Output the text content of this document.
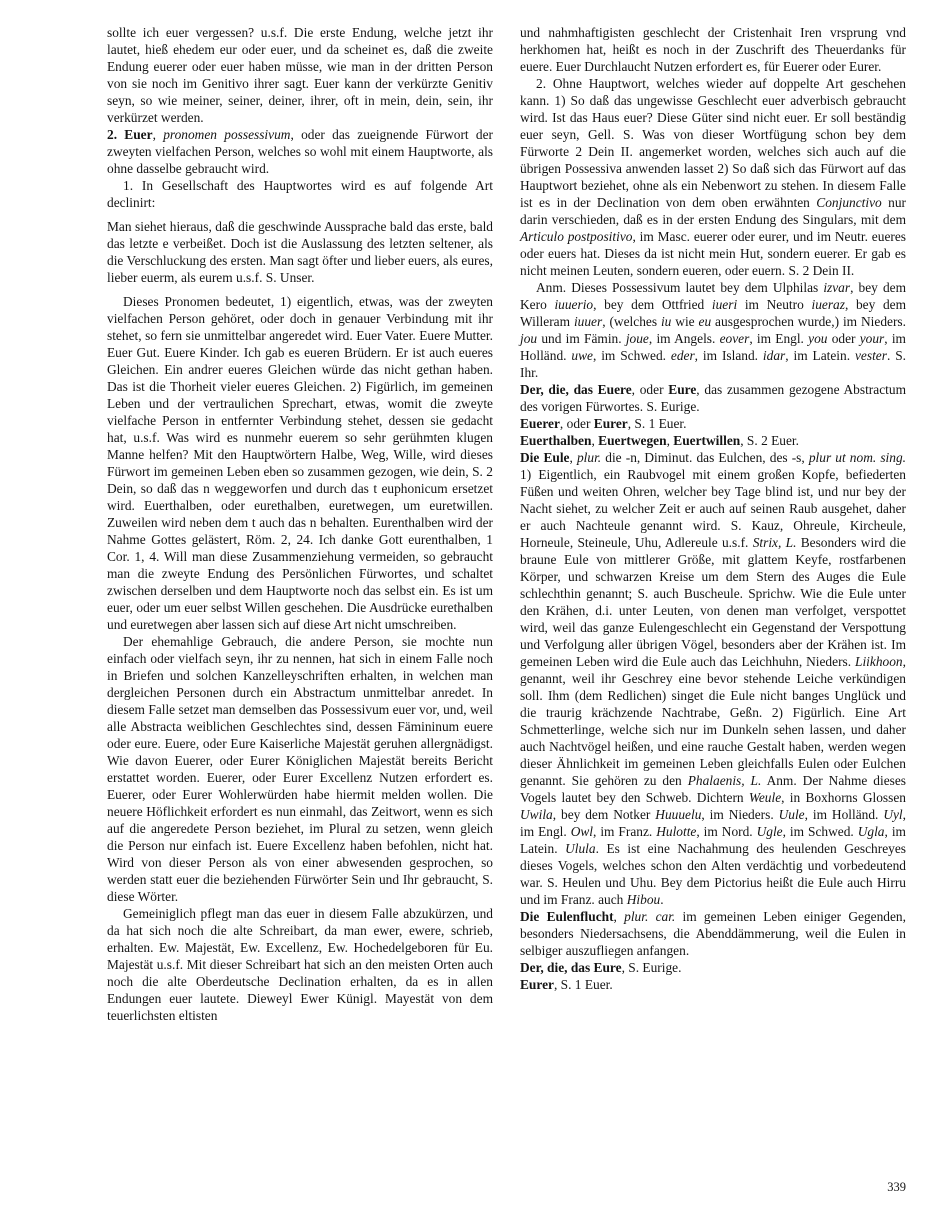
sollte ich euer vergessen? u.s.f. Die erste Endung, welche jetzt ihr lautet, hieß ehedem eur oder euer, und da scheinet es, daß die zweite Endung euerer oder euer haben müsse, wie man in der dritten Person von sie noch im Genitivo ihrer sagt. Euer kann der verkürzte Genitiv seyn, so wie meiner, seiner, deiner, ihrer, oft in mein, dein, sein, ihr verkürzet werden.

2. Euer, pronomen possessivum, oder das zueignende Fürwort der zweyten vielfachen Person, welches so wohl mit einem Hauptworte, als ohne dasselbe gebraucht wird.

1. In Gesellschaft des Hauptwortes wird es auf folgende Art declinirt:

Man siehet hieraus, daß die geschwinde Aussprache bald das erste, bald das letzte e verbeißet. Doch ist die Auslassung des letzten seltener, als die Verschluckung des ersten. Man sagt öfter und lieber euers, als eures, lieber euerm, als eurem u.s.f. S. Unser.

Dieses Pronomen bedeutet, 1) eigentlich, etwas, was der zweyten vielfachen Person gehöret, oder doch in genauer Verbindung mit ihr stehet, so fern sie unmittelbar angeredet wird. Euer Vater. Euere Mutter. Euer Gut. Euere Kinder. Ich gab es eueren Brüdern. Er ist auch eueres Gleichen. Ein andrer eueres Gleichen würde das nicht gethan haben. Das ist die Thorheit vieler eueres Gleichen. 2) Figürlich, im gemeinen Leben und der vertraulichen Sprechart, etwas, womit die zweyte vielfache Person in entfernter Verbindung stehet, dessen sie gedacht hat, u.s.f. Was wird es nunmehr euerem so sehr gerühmten klugen Manne helfen? Mit den Hauptwörtern Halbe, Weg, Wille, wird dieses Fürwort im gemeinen Leben eben so zusammen gezogen, wie dein, S. 2 Dein, so daß das n weggeworfen und durch das t euphonicum ersetzet wird. Euerthalben, oder eurethalben, euretwegen, um euretwillen. Zuweilen wird neben dem t auch das n behalten. Eurenthalben wird der Nahme Gottes gelästert, Röm. 2, 24. Ich danke Gott eurenthalben, 1 Cor. 1, 4. Will man diese Zusammenziehung vermeiden, so gebraucht man die zweyte Endung des Persönlichen Fürwortes, und schaltet zwischen derselben und dem Hauptworte noch das selbst ein. Es ist um euer, oder um euer selbst Willen geschehen. Die Ausdrücke eurethalben und euretwegen aber lassen sich auf diese Art nicht umschreiben.

Der ehemahlige Gebrauch, die andere Person, sie mochte nun einfach oder vielfach seyn, ihr zu nennen, hat sich in einem Falle noch in Briefen und solchen Kanzelleyschriften erhalten, in welchen man dergleichen Personen durch ein Abstractum unmittelbar anredet. In diesem Falle setzet man demselben das Possessivum euer vor, und, weil alle Abstracta weiblichen Geschlechtes sind, dessen Fämininum euere oder eure. Euere, oder Eure Kaiserliche Majestät geruhen allergnädigst. Wie davon Euerer, oder Eurer Königlichen Majestät bereits Bericht erstattet worden. Euerer, oder Eurer Excellenz Nutzen erfordert es. Euerer, oder Eurer Wohlerwürden habe hiermit melden wollen. Die neuere Höflichkeit erfordert es nun einmahl, das Zeitwort, wenn es sich auf die angeredete Person beziehet, im Plural zu setzen, wenn gleich die Person nur einfach ist. Euere Excellenz haben befohlen, nicht hat. Wird von dieser Person als von einer abwesenden gesprochen, so werden statt euer die beziehenden Fürwörter Sein und Ihr gebraucht, S. diese Wörter.

Gemeiniglich pflegt man das euer in diesem Falle abzukürzen, und da hat sich noch die alte Schreibart, da man ewer, ewere, schrieb, erhalten. Ew. Majestät, Ew. Excellenz, Ew. Hochedelgeboren für Eu. Majestät u.s.f. Mit dieser Schreibart hat sich an den meisten Orten auch noch die alte Oberdeutsche Declination erhalten, da es in allen Endungen euer lautete. Dieweyl Ewer Künigl. Mayestät von dem teuerlichsten eltisten

und nahmhaftigisten geschlecht der Cristenhait Iren vrsprung vnd herkhomen hat, heißt es noch in der Zuschrift des Theuerdanks für euere. Euer Durchlaucht Nutzen erfordert es, für Euerer oder Eurer.

2. Ohne Hauptwort, welches wieder auf doppelte Art geschehen kann. 1) So daß das ungewisse Geschlecht euer adverbisch gebraucht wird. Ist das Haus euer? Diese Güter sind nicht euer. Er soll beständig euer seyn, Gell. S. Was von dieser Wortfügung schon bey dem Fürworte 2 Dein II. angemerket worden, welches sich auch auf die übrigen Possessiva anwenden lasset 2) So daß sich das Fürwort auf das Hauptwort beziehet, ohne als ein Nebenwort zu stehen. In diesem Falle ist es in der Declination von dem oben erwähnten Conjunctivo nur darin verschieden, daß es in der ersten Endung des Singulars, mit dem Articulo postpositivo, im Masc. euerer oder eurer, und im Neutr. eueres oder euers hat. Dieses da ist nicht mein Hut, sondern euerer. Er gab es nicht meinen Leuten, sondern eueren, oder euern. S. 2 Dein II.

Anm. Dieses Possessivum lautet bey dem Ulphilas izvar, bey dem Kero iuuerio, bey dem Ottfried iueri im Neutro iueraz, bey dem Willeram iuuer, (welches iu wie eu ausgesprochen wurde,) im Nieders. jou und im Fämin. joue, im Angels. eover, im Engl. you oder your, im Holländ. uwe, im Schwed. eder, im Island. idar, im Latein. vester. S. Ihr.

Der, die, das Euere, oder Eure, das zusammen gezogene Abstractum des vorigen Fürwortes. S. Eurige.

Euerer, oder Eurer, S. 1 Euer.

Euerthalben, Euertwegen, Euertwillen, S. 2 Euer.

Die Eule, plur. die -n, Diminut. das Eulchen, des -s, plur ut nom. sing. 1) Eigentlich, ein Raubvogel mit einem großen Kopfe, befiederten Füßen und weiten Ohren, welcher bey Tage blind ist, und nur bey der Nacht siehet, zu welcher Zeit er auch auf seinen Raub ausgehet, daher er auch Nachteule genannt wird. S. Kauz, Ohreule, Kircheule, Horneule, Steineule, Uhu, Adlereule u.s.f. Strix, L. Besonders wird die braune Eule von mittlerer Größe, mit glattem Keyfe, rostfarbenen Körper, und schwarzen Kreise um dem Stern des Auges die Eule schlechthin genannt; S. auch Buscheule. Sprichw. Wie die Eule unter den Krähen, d.i. unter Leuten, von denen man verfolget, verspottet wird, weil das ganze Eulengeschlecht ein Gegenstand der Verspottung und Verfolgung aller übrigen Vögel, besonders aber der Krähen ist. Im gemeinen Leben wird die Eule auch das Leichhuhn, Nieders. Liikhoon, genannt, weil ihr Geschrey eine bevor stehende Leiche verkündigen soll. Ihm (dem Redlichen) singet die Eule nicht banges Unglück und die traurig krächzende Nachtrabe, Geßn. 2) Figürlich. Eine Art Schmetterlinge, welche sich nur im Dunkeln sehen lassen, und daher auch Nachtvögel heißen, und eine rauche Gestalt haben, werden wegen dieser Ähnlichkeit im gemeinen Leben gleichfalls Eulen oder Eulchen genannt. Sie gehören zu den Phalaenis, L. Anm. Der Nahme dieses Vogels lautet bey den Schweb. Dichtern Weule, in Boxhorns Glossen Uwila, bey dem Notker Huuuelu, im Nieders. Uule, im Holländ. Uyl, im Engl. Owl, im Franz. Hulotte, im Nord. Ugle, im Schwed. Ugla, im Latein. Ulula. Es ist eine Nachahmung des heulenden Geschreyes dieses Vogels, welches schon den Alten verdächtig und vorbedeutend war. S. Heulen und Uhu. Bey dem Pictorius heißt die Eule auch Hirru und im Franz. auch Hibou.

Die Eulenflucht, plur. car. im gemeinen Leben einiger Gegenden, besonders Niedersachsens, die Abenddämmerung, weil die Eulen in selbiger auszufliegen anfangen.

Der, die, das Eure, S. Eurige.

Eurer, S. 1 Euer.

339
